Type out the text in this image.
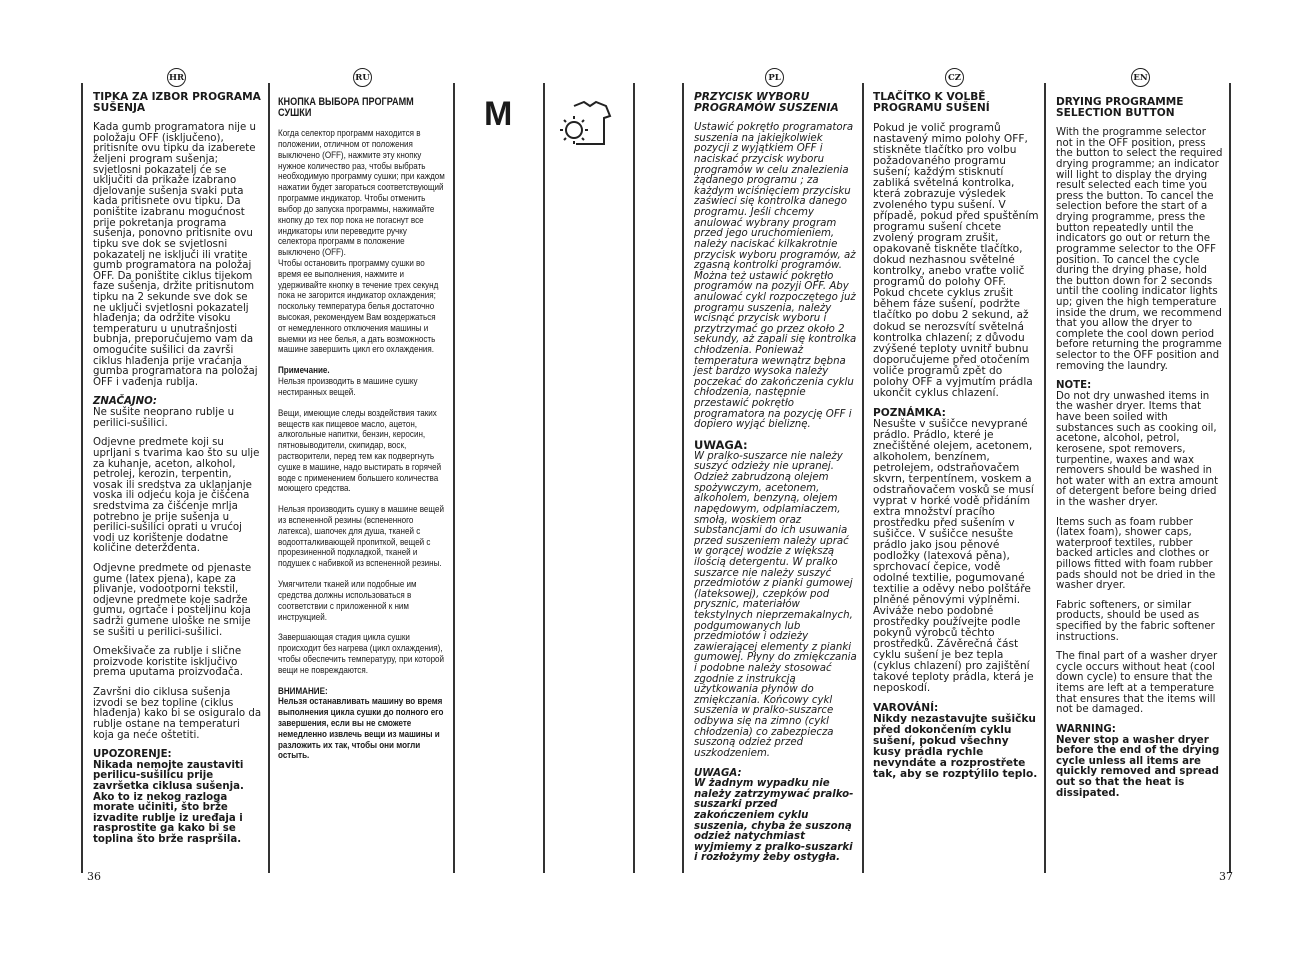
HR	RU	PL	CZ	EN
M

TIPKA ZA IZBOR PROGRAMA SUŠENJA

Kada gumb programatora nije u položaju OFF (isključeno), pritisnite ovu tipku da izaberete željeni program sušenja; svjetlosni pokazatelj će se uključiti da prikaže izabrano djelovanje sušenja svaki puta kada pritisnete ovu tipku. Da poništite izabranu mogućnost prije pokretanja programa sušenja, ponovno pritisnite ovu tipku sve dok se svjetlosni pokazatelj ne isključi ili vratite gumb programatora na položaj OFF. Da poništite ciklus tijekom faze sušenja, držite pritisnutom tipku na 2 sekunde sve dok se ne uključi svjetlosni pokazatelj hlađenja; da održite visoku temperaturu u unutrašnjosti bubnja, preporučujemo vam da omogućite sušilici da završi ciklus hlađenja prije vraćanja gumba programatora na položaj OFF i vađenja rublja.

ZNAČAJNO:

Ne sušite neoprano rublje u perilici-sušilici.

Odjevne predmete koji su uprljani s tvarima kao što su ulje za kuhanje, aceton, alkohol, petrolej, kerozin, terpentin, vosak ili sredstva za uklanjanje voska ili odjeću koja je čišćena sredstvima za čišćenje mrlja potrebno je prije sušenja u perilici-sušilici oprati u vrućoj vodi uz korištenje dodatne količine deteržđenta.

Odjevne predmete od pjenaste gume (latex pjena), kape za plivanje, vodootporni tekstil, odjevne predmete koje sadrže gumu, ogrtače i posteljinu koja sadrži gumene uloške ne smije se sušiti u perilici-sušilici.

Omekšivače za rublje i slične proizvode koristite isključivo prema uputama proizvođača.

Završni dio ciklusa sušenja izvodi se bez topline (ciklus hlađenja) kako bi se osiguralo da rublje ostane na temperaturi koja ga neće oštetiti.

UPOZORENJE:

Nikada nemojte zaustaviti perilicu-sušilicu prije završetka ciklusa sušenja. Ako to iz nekog razloga morate učiniti, što brže izvadite rublje iz uređaja i rasprostite ga kako bi se toplina što brže raspršila.

КНОПКА ВЫБОРА ПРОГРАММ СУШКИ

Когда селектор программ находится в положении, отличном от положения выключено (OFF), нажмите эту кнопку нужное количество раз, чтобы выбрать необходимую программу сушки; при каждом нажатии будет загораться соответствующий программе индикатор. Чтобы отменить выбор до запуска программы, нажимайте кнопку до тех пор пока не погаснут все индикаторы или переведите ручку селектора программ в положение выключено (OFF).

Чтобы остановить программу сушки во время ее выполнения, нажмите и удерживайте кнопку в течение трех секунд пока не загорится индикатор охлаждения; поскольку температура белья достаточно высокая, рекомендуем Вам воздержаться от немедленного отключения машины и выемки из нее белья, а дать возможность машине завершить цикл его охлаждения.

Примечание.

Нельзя производить в машине сушку нестиранных вещей.

Вещи, имеющие следы воздействия таких веществ как пищевое масло, ацетон, алкогольные напитки, бензин, керосин, пятновыводители, скипидар, воск, растворители, перед тем как подвергнуть сушке в машине, надо выстирать в горячей воде с применением большего количества моющего средства.

Нельзя производить сушку в машине вещей из вспененной резины (вспененного латекса), шапочек для душа, тканей с водоотталкивающей пропиткой, вещей с прорезиненной подкладкой, тканей и подушек с набивкой из вспененной резины.

Умягчители тканей или подобные им средства должны использоваться в соответствии с приложенной к ним инструкцией.

Завершающая стадия цикла сушки происходит без нагрева (цикл охлаждения), чтобы обеспечить температуру, при которой вещи не повреждаются.

ВНИМАНИЕ:

Нельзя останавливать машину во время выполнения цикла сушки до полного его завершения, если вы не сможете немедленно извлечь вещи из машины и разложить их так, чтобы они могли остыть.

PRZYCISK WYBORU PROGRAMÓW SUSZENIA

Ustawić pokrętło programatora suszenia na jakiejkolwiek pozycji z wyjątkiem OFF i naciskać przycisk wyboru programów w celu znalezienia żądanego programu ; za każdym wciśnięciem przycisku zaświeci się kontrolka danego programu. Jeśli chcemy anulować wybrany program przed jego uruchomieniem, należy naciskać kilkakrotnie przycisk wyboru programów, aż zgasną kontrolki programów. Można też ustawić pokrętło programów na pozyji OFF. Aby anulować cykl rozpoczętego już programu suszenia, należy wcisnąć przycisk wyboru i przytrzymać go przez około 2 sekundy, aż zapali się kontrolka chłodzenia. Ponieważ temperatura wewnątrz bębna jest bardzo wysoka należy poczekać do zakończenia cyklu chłodzenia, następnie przestawić pokrętło programatora na pozycję OFF i dopiero wyjąć bieliznę.

UWAGA:

W pralko-suszarce nie należy suszyć odzieży nie upranej. Odzież zabrudzoną olejem spożywczym, acetonem, alkoholem, benzyną, olejem napędowym, odplamiaczem, smołą, woskiem oraz substancjami do ich usuwania przed suszeniem należy uprać w gorącej wodzie z większą ilością detergentu. W pralko suszarce nie należy suszyć przedmiotów z pianki gumowej (lateksowej), czepków pod prysznic, materiałów tekstylnych nieprzemakalnych, podgumowanych lub przedmiotów i odzieży zawierającej elementy z pianki gumowej. Płyny do zmiękczania i podobne należy stosować zgodnie z instrukcją użytkowania płynów do zmiękczania. Końcowy cykl suszenia w pralko-suszarce odbywa się na zimno (cykl chłodzenia) co zabezpiecza suszoną odzież przed uszkodzeniem.

UWAGA:

W żadnym wypadku nie należy zatrzymywać pralko-suszarki przed zakończeniem cyklu suszenia, chyba że suszoną odzież natychmiast wyjmiemy z pralko-suszarki i rozłożymy żeby ostygła.

TLAČÍTKO K VOLBĚ PROGRAMU SUŠENÍ

Pokud je volič programů nastavený mimo polohy OFF, stiskněte tlačítko pro volbu požadovaného programu sušení; každým stisknutí zabliká světelná kontrolka, která zobrazuje výsledek zvoleného typu sušení. V případě, pokud před spuštěním programu sušení chcete zvolený program zrušit, opakovaně tiskněte tlačítko, dokud nezhasnou světelné kontrolky, anebo vraťte volič programů do polohy OFF. Pokud chcete cyklus zrušit během fáze sušení, podržte tlačítko po dobu 2 sekund, až dokud se nerozsvítí světelná kontrolka chlazení; z důvodu zvýšené teploty uvnitř bubnu doporučujeme před otočením voliče programů zpět do polohy OFF a vyjmutím prádla ukončit cyklus chlazení.

POZNÁMKA:

Nesušte v sušičce nevyprané prádlo. Prádlo, které je znečištěné olejem, acetonem, alkoholem, benzínem, petrolejem, odstraňovačem skvrn, terpentínem, voskem a odstraňovačem vosků se musí vyprat v horké vodě přidáním extra množství pracího prostředku před sušením v sušičce. V sušičce nesušte prádlo jako jsou pěnové podložky (latexová pěna), sprchovací čepice, vodě odolné textilie, pogumované textilie a oděvy nebo polštáře plněné pěnovými výplněmi. Aviváže nebo podobné prostředky používejte podle pokynů výrobců těchto prostředků. Závěrečná část cyklu sušení je bez tepla (cyklus chlazení) pro zajištění takové teploty prádla, která je neposkodí.

VAROVÁNÍ:

Nikdy nezastavujte sušičku před dokončením cyklu sušení, pokud všechny kusy prádla rychle nevyndáte a rozprostřete tak, aby se rozptýlilo teplo.

DRYING PROGRAMME SELECTION BUTTON

With the programme selector not in the OFF position, press the button to select the required drying programme; an indicator will light to display the drying result selected each time you press the button. To cancel the selection before the start of a drying programme, press the button repeatedly until the indicators go out or return the programme selector to the OFF position. To cancel the cycle during the drying phase, hold the button down for 2 seconds until the cooling indicator lights up; given the high temperature inside the drum, we recommend that you allow the dryer to complete the cool down period before returning the programme selector to the OFF position and removing the laundry.

NOTE:

Do not dry unwashed items in the washer dryer. Items that have been soiled with substances such as cooking oil, acetone, alcohol, petrol, kerosene, spot removers, turpentine, waxes and wax removers should be washed in hot water with an extra amount of detergent before being dried in the washer dryer.

Items such as foam rubber (latex foam), shower caps, waterproof textiles, rubber backed articles and clothes or pillows fitted with foam rubber pads should not be dried in the washer dryer.

Fabric softeners, or similar products, should be used as specified by the fabric softener instructions.

The final part of a washer dryer cycle occurs without heat (cool down cycle) to ensure that the items are left at a temperature that ensures that the items will not be damaged.

WARNING:

Never stop a washer dryer before the end of the drying cycle unless all items are quickly removed and spread out so that the heat is dissipated.

36	37
